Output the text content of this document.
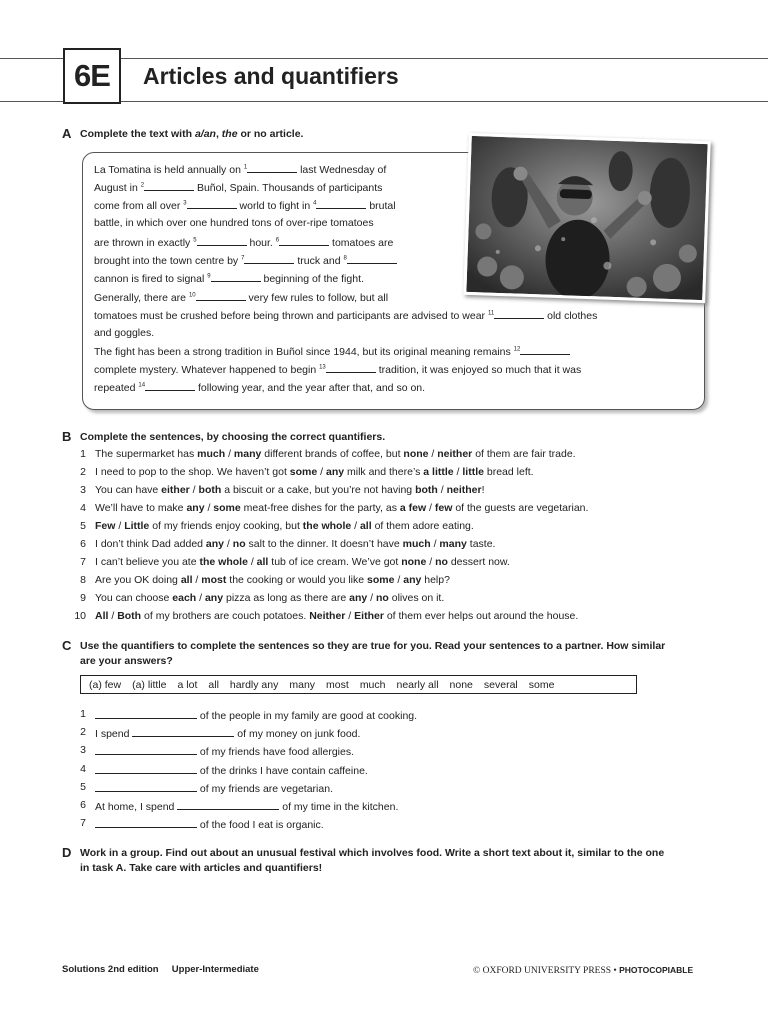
6E Articles and quantifiers
A Complete the text with a/an, the or no article.
La Tomatina is held annually on $^1$	last Wednesday of
August in $^2$	Buñol, Spain. Thousands of participants
come from all over $^3$	world to fight in $^4$	brutal
battle, in which over one hundred tons of over-ripe tomatoes
are thrown in exactly $^5$	hour. $^6$	tomatoes are
brought into the town centre by $^7$	truck and $^8$
cannon is fired to signal $^9$	beginning of the fight.
Generally, there are $^{10}$	very few rules to follow, but all
tomatoes must be crushed before being thrown and participants are advised to wear $^{11}$	old clothes
and goggles.
The fight has been a strong tradition in Buñol since 1944, but its original meaning remains $^{12}$
complete mystery. Whatever happened to begin $^{13}$	tradition, it was enjoyed so much that it was
repeated $^{14}$	following year, and the year after that, and so on.
B Complete the sentences, by choosing the correct quantifiers.
1 The supermarket has much / many different brands of coffee, but none / neither of them are fair trade.
2 I need to pop to the shop. We haven’t got some / any milk and there’s a little / little bread left.
3 You can have either / both a biscuit or a cake, but you’re not having both / neither!
4 We’ll have to make any / some meat-free dishes for the party, as a few / few of the guests are vegetarian.
5 Few / Little of my friends enjoy cooking, but the whole / all of them adore eating.
6 I don’t think Dad added any / no salt to the dinner. It doesn’t have much / many taste.
7 I can’t believe you ate the whole / all tub of ice cream. We’ve got none / no dessert now.
8 Are you OK doing all / most the cooking or would you like some / any help?
9 You can choose each / any pizza as long as there are any / no olives on it.
10 All / Both of my brothers are couch potatoes. Neither / Either of them ever helps out around the house.
C Use the quantifiers to complete the sentences so they are true for you. Read your sentences to a partner. How similar
are your answers?
(a) few (a) little a lot all hardly any many most much nearly all none several some
1	of the people in my family are good at cooking.
2 I spend	of my money on junk food.
3	of my friends have food allergies.
4	of the drinks I have contain caffeine.
5	of my friends are vegetarian.
6 At home, I spend	of my time in the kitchen.
7	of the food I eat is organic.
D Work in a group. Find out about an unusual festival which involves food. Write a short text about it, similar to the one
in task A. Take care with articles and quantifiers!
Solutions 2nd edition     Upper-Intermediate	© OXFORD UNIVERSITY PRESS • PHOTOCOPIABLE
